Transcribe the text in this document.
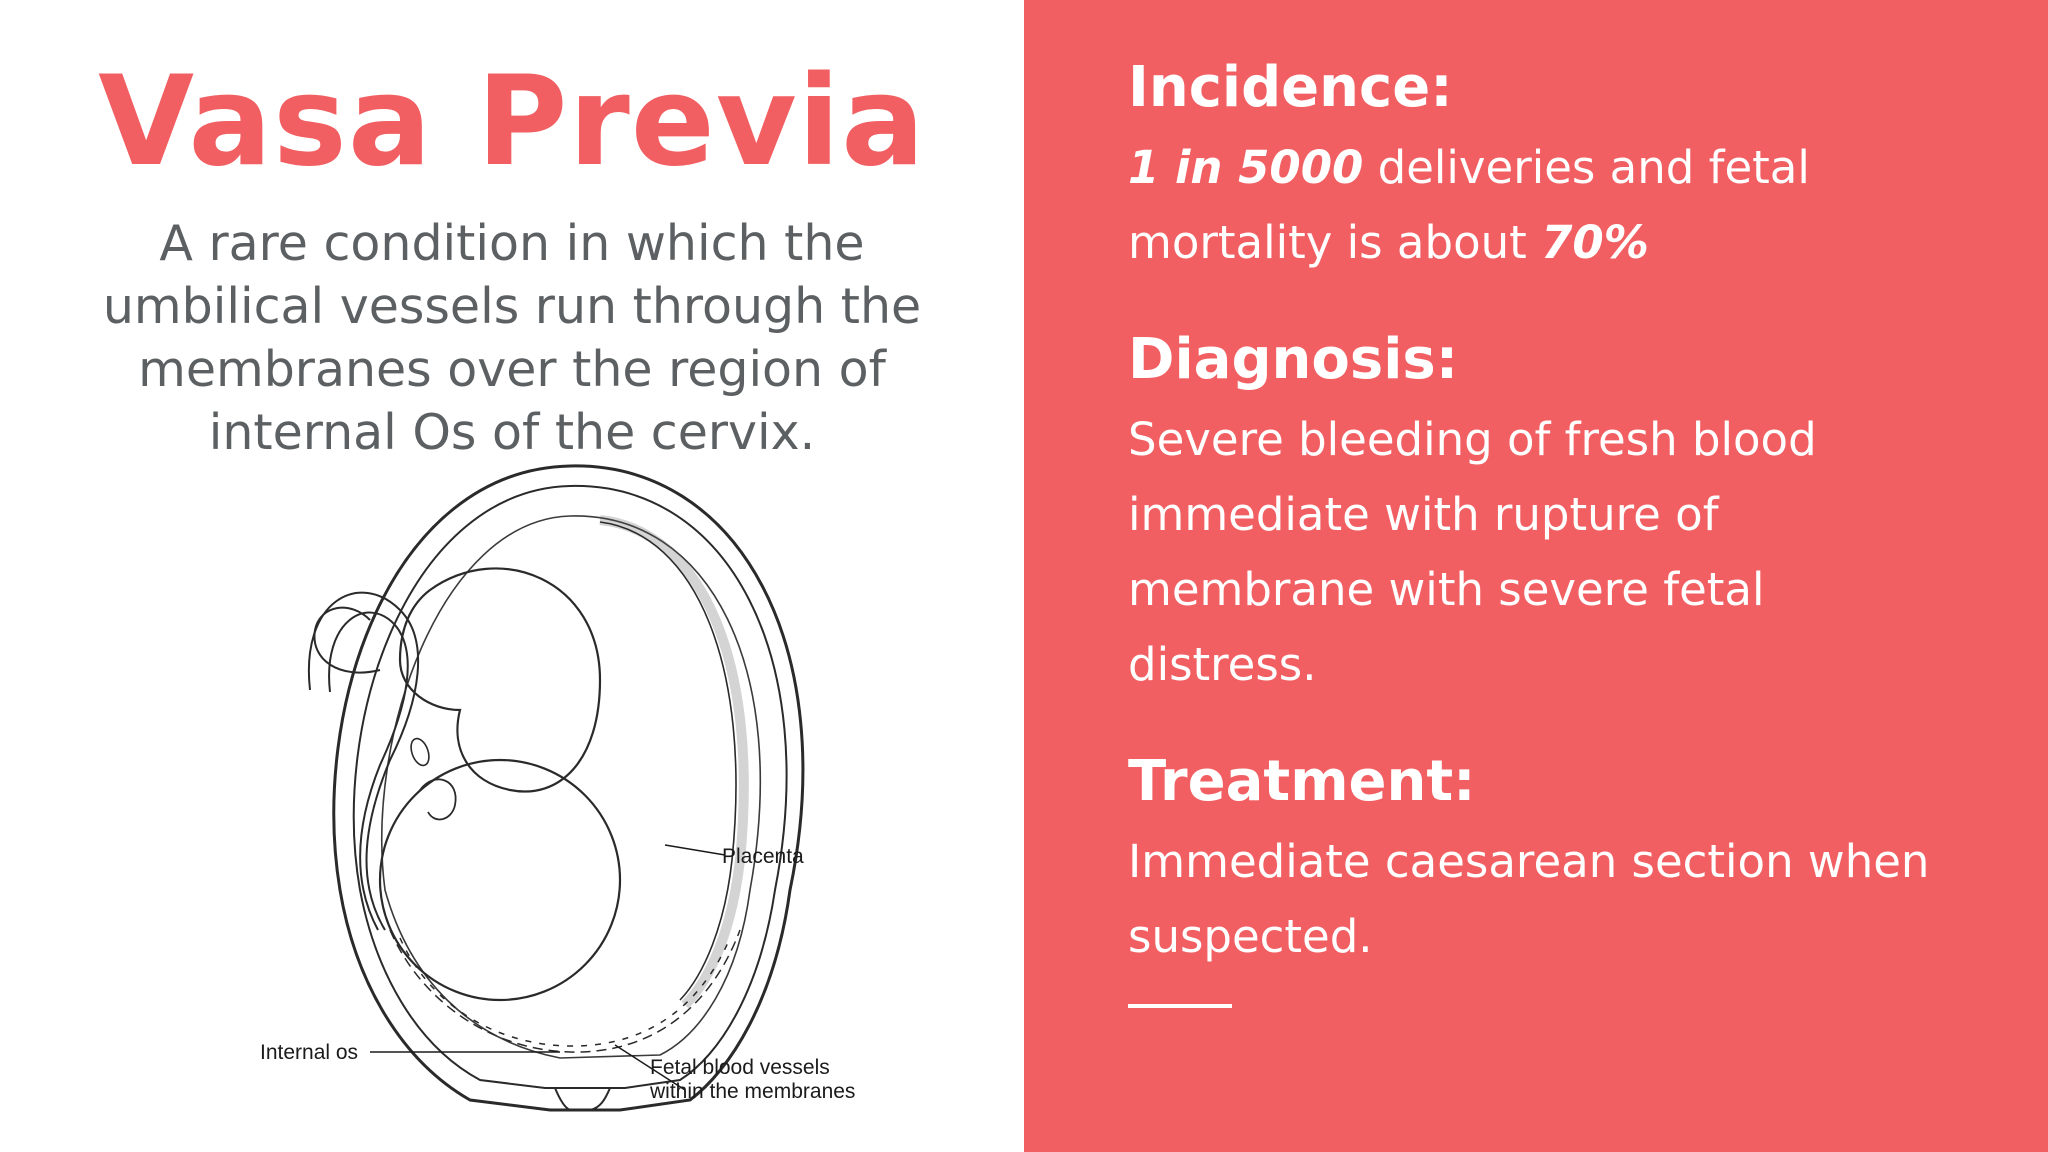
Vasa Previa
A rare condition in which the umbilical vessels run through the membranes over the region of internal Os of the cervix.
Placenta
Internal os
Fetal blood vessels
within the membranes
Incidence:
1 in 5000 deliveries and fetal mortality is about 70%
Diagnosis:
Severe bleeding of fresh blood immediate with rupture of membrane with severe fetal distress.
Treatment:
Immediate caesarean section when suspected.
